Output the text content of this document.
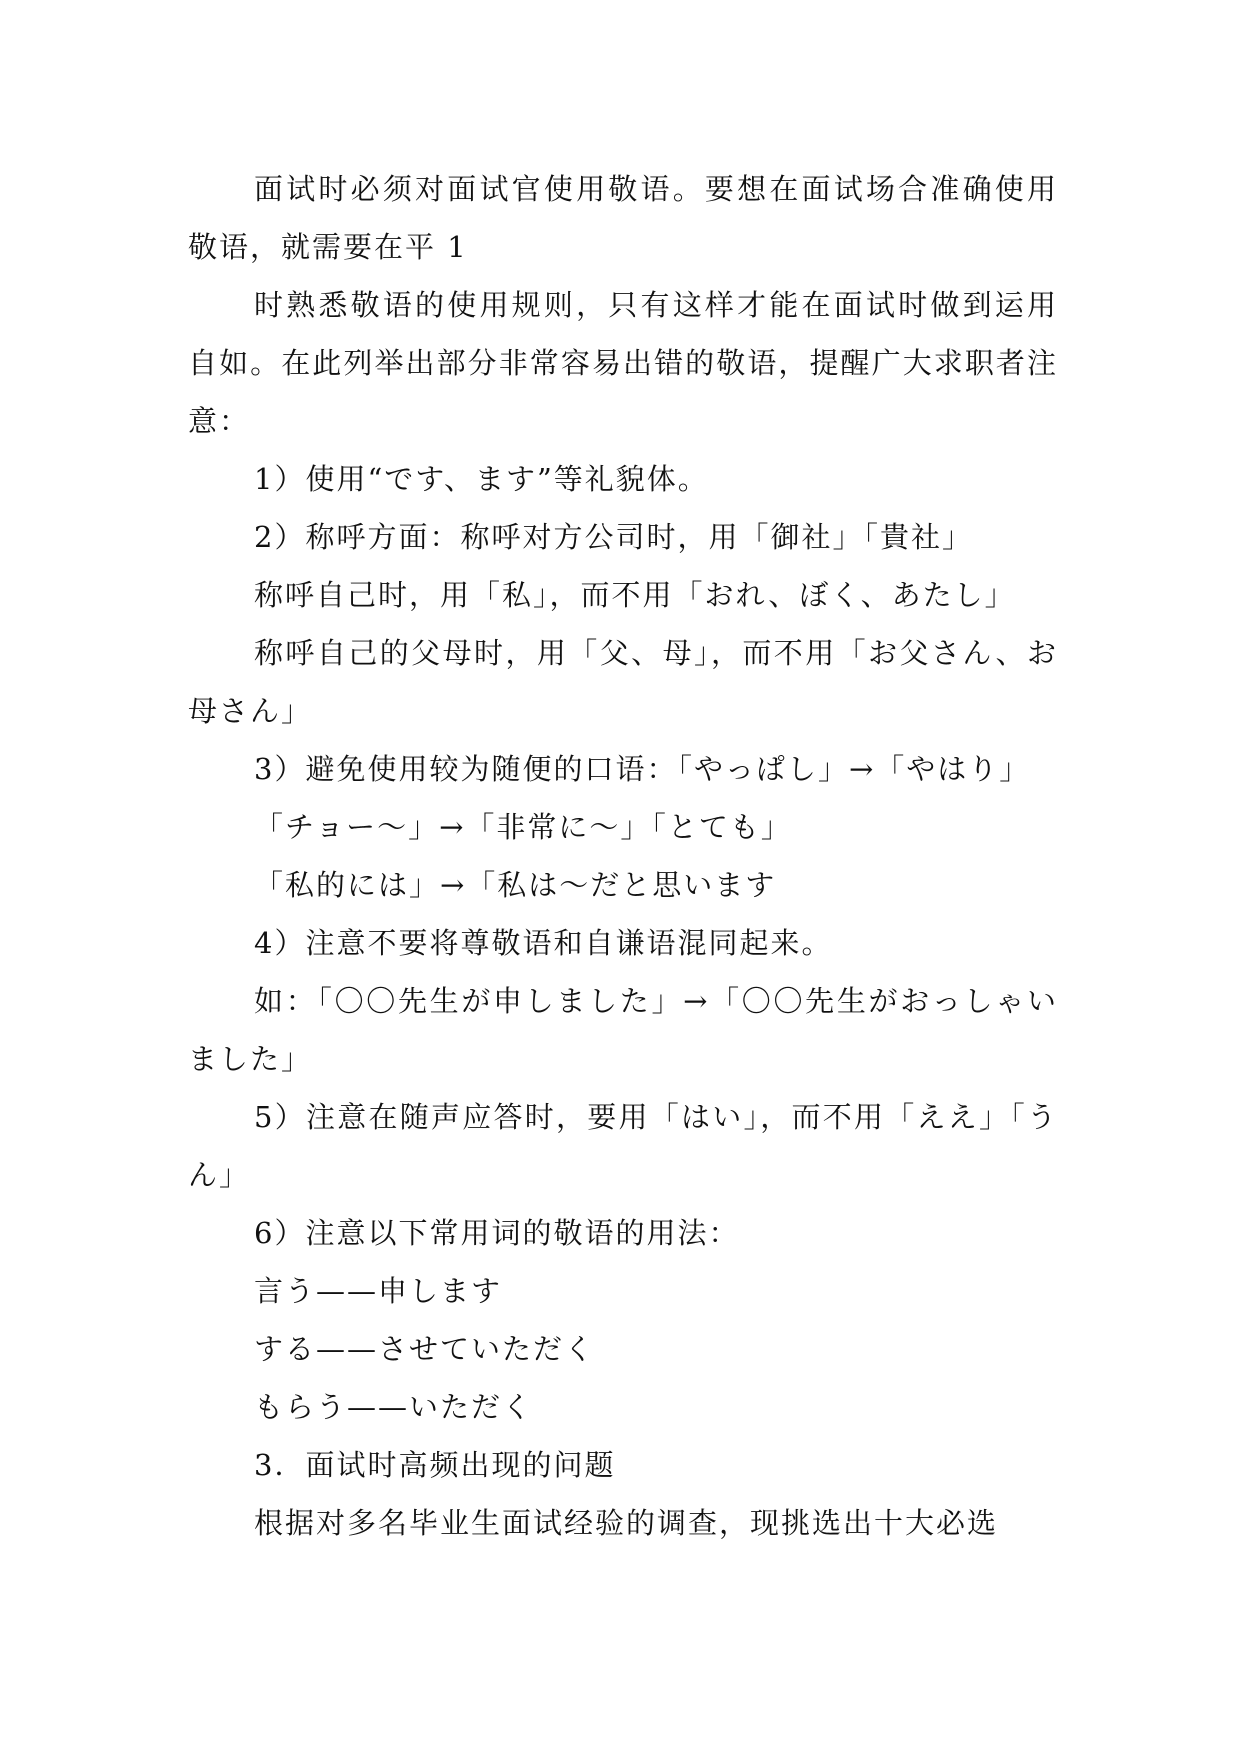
面试时必须对面试官使用敬语。要想在面试场合准确使用敬语，就需要在平 1

时熟悉敬语的使用规则，只有这样才能在面试时做到运用自如。在此列举出部分非常容易出错的敬语，提醒广大求职者注意：

1）使用“です、ます”等礼貌体。

2）称呼方面：称呼对方公司时，用「御社」「貴社」

称呼自己时，用「私」，而不用「おれ、ぼく、あたし」

称呼自己的父母时，用「父、母」，而不用「お父さん、お母さん」

3）避免使用较为随便的口语：「やっぱし」→「やはり」

「チョー～」→「非常に～」「とても」

「私的には」→「私は～だと思います

4）注意不要将尊敬语和自谦语混同起来。

如：「〇〇先生が申しました」→「〇〇先生がおっしゃいました」

5）注意在随声应答时，要用「はい」，而不用「ええ」「うん」

6）注意以下常用词的敬语的用法：

言う——申します

する——させていただく

もらう——いただく

3．面试时高频出现的问题

根据对多名毕业生面试经验的调查，现挑选出十大必选
